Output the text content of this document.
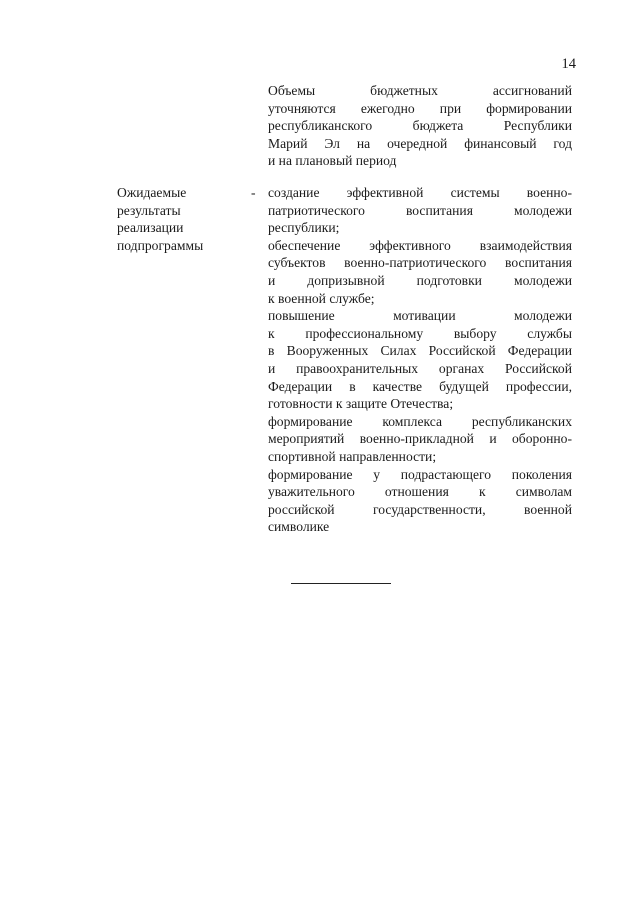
14

Объемы бюджетных ассигнований

уточняются ежегодно при формировании

республиканского бюджета Республики

Марий Эл на очередной финансовый год

и на плановый период

Ожидаемые
результаты
реализации
подпрограммы
- создание эффективной системы военно-
патриотического воспитания молодежи
республики;
обеспечение эффективного взаимодействия
субъектов военно-патриотического воспитания
и допризывной подготовки молодежи
к военной службе;
повышение мотивации молодежи
к профессиональному выбору службы
в Вооруженных Силах Российской Федерации
и правоохранительных органах Российской
Федерации в качестве будущей профессии,
готовности к защите Отечества;
формирование комплекса республиканских
мероприятий военно-прикладной и оборонно-
спортивной направленности;
формирование у подрастающего поколения
уважительного отношения к символам
российской государственности, военной
символике
